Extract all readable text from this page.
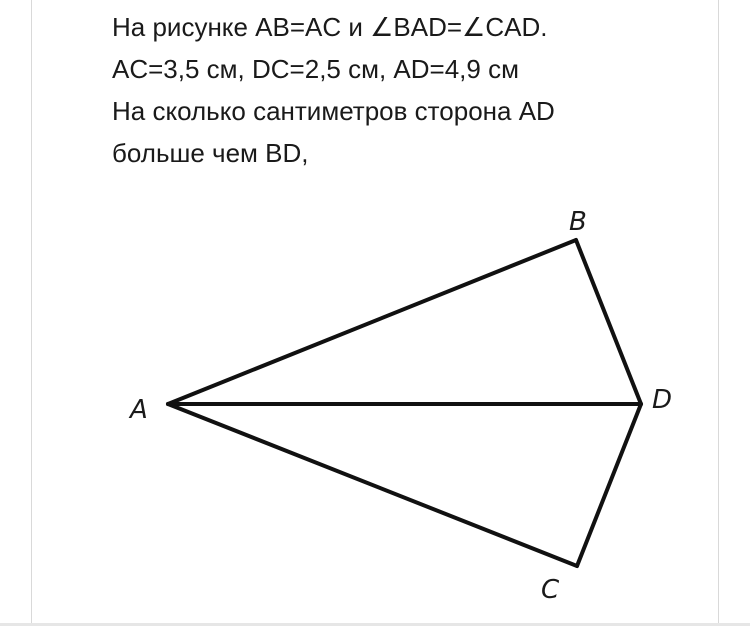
На рисунке AB=AC и ∠BAD=∠CAD.
AC=3,5 см, DC=2,5 см, AD=4,9 см
На сколько сантиметров сторона AD
больше чем BD,
A
B
C
D
